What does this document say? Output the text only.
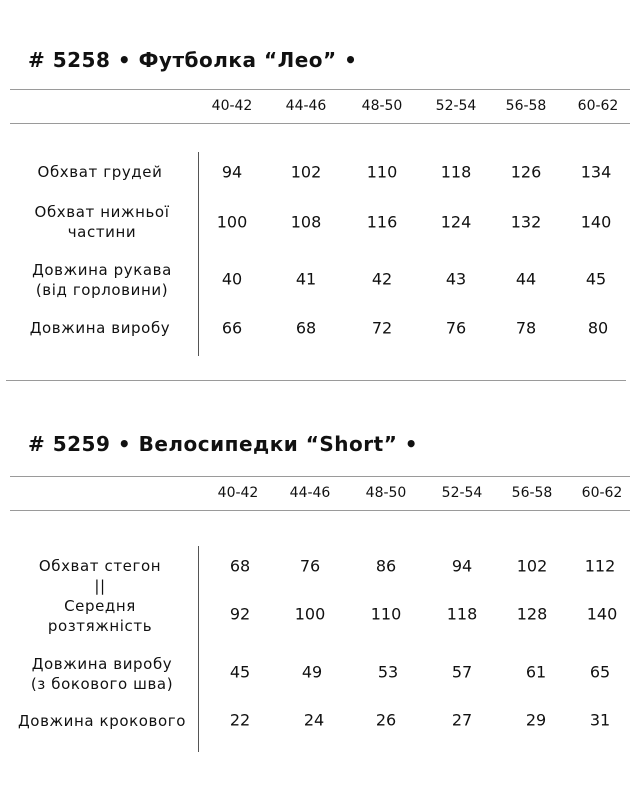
# 5258 • Футболка “Лео” •
40-42 44-46	48-50 52-54 56-58 60-62
Обхват грудей	94	102	110	118 126 134
Обхват нижньої
частини
100	108	116	124 132 140
Довжина рукава
(від горловини)
40	41	42	43	44	45
Довжина виробу	66	68	72	76	78	80
# 5259 • Велосипедки “Short” •
40-42 44-46	48-50	52-54 56-58 60-62
Обхват стегон
||
68	76	86	94	102 112
Середня
розтяжність
92	100	110	118 128 140
Довжина виробу
(з бокового шва)
45	49	53	57	61	65
Довжина крокового	22	24	26	27	29	31
